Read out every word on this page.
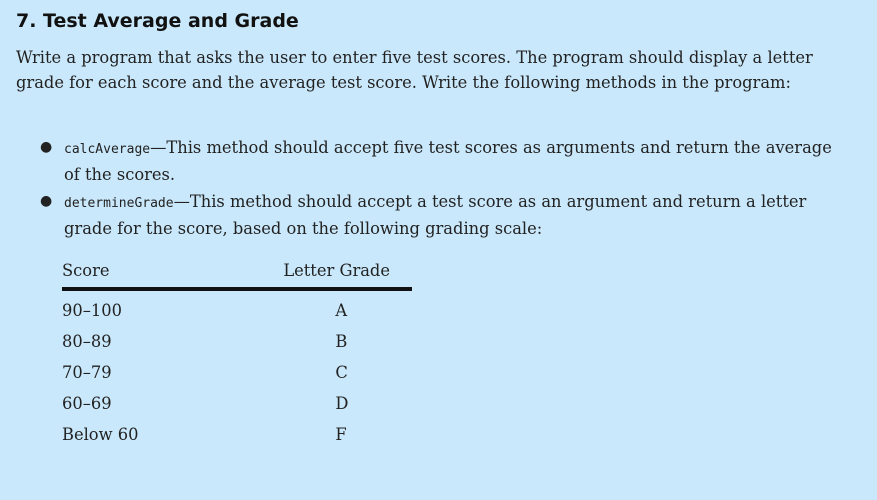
7. Test Average and Grade

Write a program that asks the user to enter five test scores. The program should display a letter grade for each score and the average test score. Write the following methods in the program:

● calcAverage—This method should accept five test scores as arguments and return the average of the scores.
● determineGrade—This method should accept a test score as an argument and return a letter grade for the score, based on the following grading scale:
Score	Letter Grade
90–100	A
80–89	B
70–79	C
60–69	D
Below 60	F
